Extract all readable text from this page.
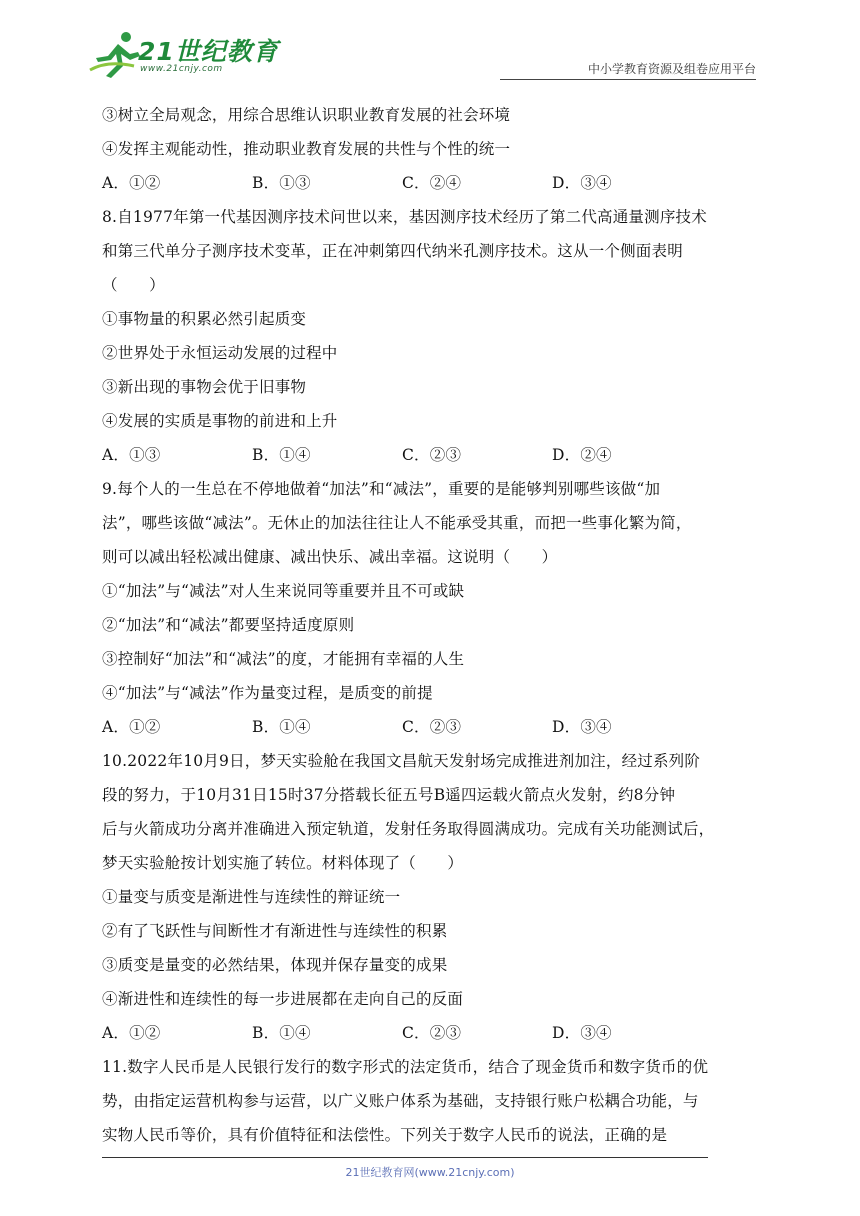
21世纪教育
www.21cnjy.com	中小学教育资源及组卷应用平台
③树立全局观念，用综合思维认识职业教育发展的社会环境
④发挥主观能动性，推动职业教育发展的共性与个性的统一
A．①②	B．①③	C．②④	D．③④
8.自1977年第一代基因测序技术问世以来，基因测序技术经历了第二代高通量测序技术
和第三代单分子测序技术变革，正在冲刺第四代纳米孔测序技术。这从一个侧面表明
（　　）
①事物量的积累必然引起质变
②世界处于永恒运动发展的过程中
③新出现的事物会优于旧事物
④发展的实质是事物的前进和上升
A．①③	B．①④	C．②③	D．②④
9.每个人的一生总在不停地做着“加法”和“减法”，重要的是能够判别哪些该做“加
法”，哪些该做“减法”。无休止的加法往往让人不能承受其重，而把一些事化繁为简，
则可以减出轻松减出健康、减出快乐、减出幸福。这说明（　　）
①“加法”与“减法”对人生来说同等重要并且不可或缺
②“加法”和“减法”都要坚持适度原则
③控制好“加法”和“减法”的度，才能拥有幸福的人生
④“加法”与“减法”作为量变过程，是质变的前提
A．①②	B．①④	C．②③	D．③④
10.2022年10月9日，梦天实验舱在我国文昌航天发射场完成推进剂加注，经过系列阶
段的努力，于10月31日15时37分搭载长征五号B遥四运载火箭点火发射，约8分钟
后与火箭成功分离并准确进入预定轨道，发射任务取得圆满成功。完成有关功能测试后，
梦天实验舱按计划实施了转位。材料体现了（　　）
①量变与质变是渐进性与连续性的辩证统一
②有了飞跃性与间断性才有渐进性与连续性的积累
③质变是量变的必然结果，体现并保存量变的成果
④渐进性和连续性的每一步进展都在走向自己的反面
A．①②	B．①④	C．②③	D．③④
11.数字人民币是人民银行发行的数字形式的法定货币，结合了现金货币和数字货币的优
势，由指定运营机构参与运营，以广义账户体系为基础，支持银行账户松耦合功能，与
实物人民币等价，具有价值特征和法偿性。下列关于数字人民币的说法，正确的是
21世纪教育网(www.21cnjy.com)
